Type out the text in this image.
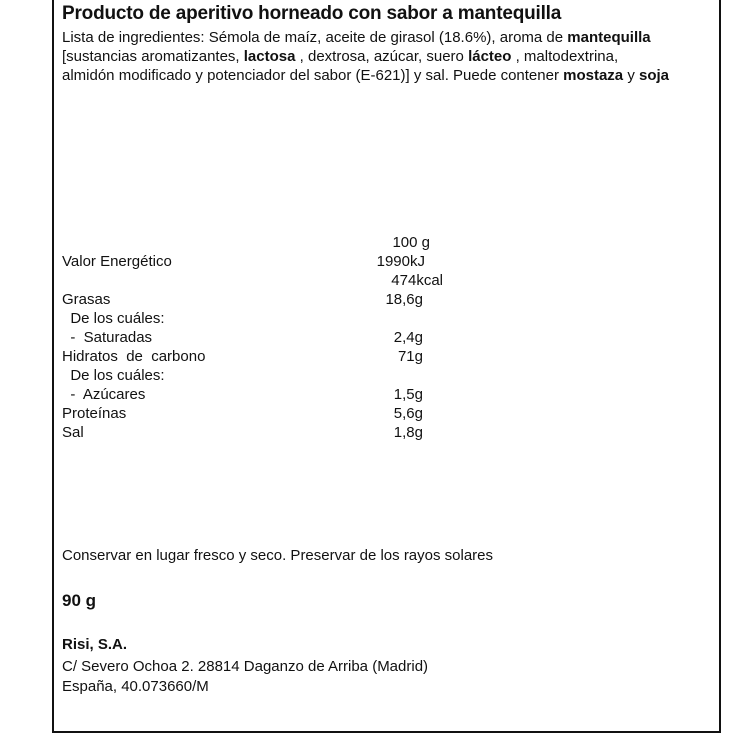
Producto de aperitivo horneado con sabor a mantequilla

Lista de ingredientes: Sémola de maíz, aceite de girasol (18.6%), aroma de mantequilla [sustancias aromatizantes, lactosa , dextrosa, azúcar, suero lácteo , maltodextrina, almidón modificado y potenciador del sabor (E-621)] y sal. Puede contener mostaza y soja

100 g
Valor Energético	1990kJ
474kcal
Grasas	18,6g
De los cuáles:
-  Saturadas	2,4g
Hidratos  de  carbono	71g
De los cuáles:
-  Azúcares	1,5g
Proteínas	5,6g
Sal	1,8g
Conservar en lugar fresco y seco. Preservar de los rayos solares
90 g
Risi, S.A.
C/ Severo Ochoa 2. 28814 Daganzo de Arriba (Madrid)
España, 40.073660/M
